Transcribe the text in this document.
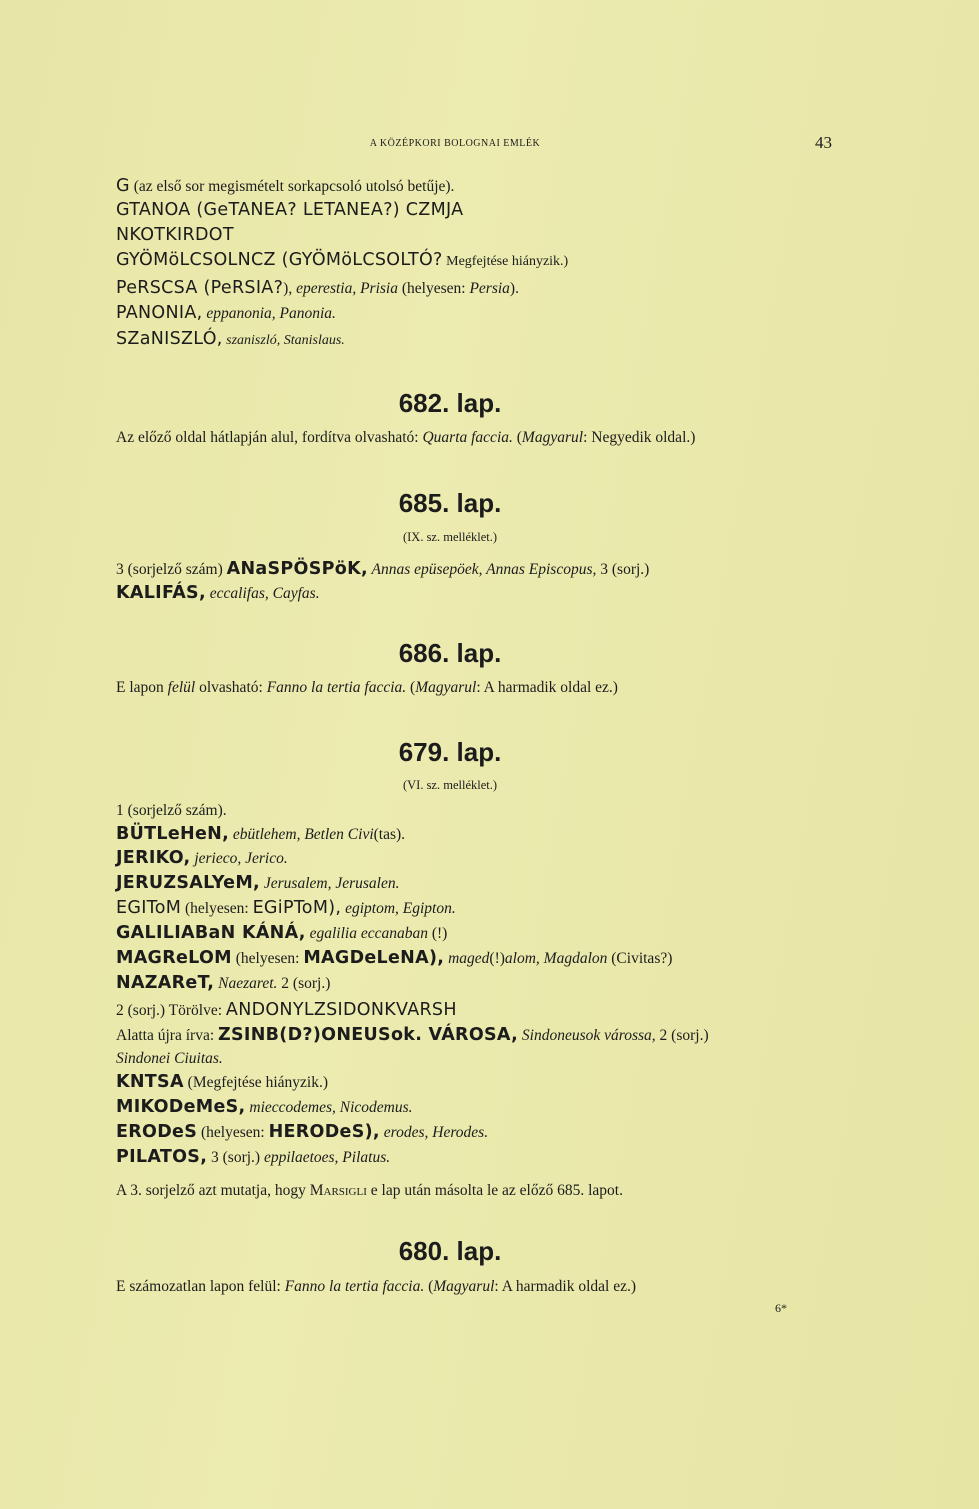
A KÖZÉPKORI BOLOGNAI EMLÉK	43
G (az első sor megismételt sorkapcsoló utolsó betűje).
GTANOA (GeTANEA? LETANEA?) CZMJA
NKOTKIRDOT
GYÖMöLCSOLNCZ (GYÖMöLCSOLTÓ? Megfejtése hiányzik.)
PeRSCSA (PeRSIA?), eperestia, Prisia (helyesen: Persia).
PANONIA, eppanonia, Panonia.
SZaNISZLÓ, szaniszló, Stanislaus.
682. lap.
Az előző oldal hátlapján alul, fordítva olvasható: Quarta faccia. (Magyarul: Negyedik oldal.)
685. lap.
(IX. sz. melléklet.)
3 (sorjelző szám) ANaSPÖSPöK, Annas epüsepöek, Annas Episcopus, 3 (sorj.)
KALIFÁS, eccalifas, Cayfas.
686. lap.
E lapon felül olvasható: Fanno la tertia faccia. (Magyarul: A harmadik oldal ez.)
679. lap.
(VI. sz. melléklet.)
1 (sorjelző szám).
BÜTLeHeN, ebütlehem, Betlen Civi(tas).
JERIKO, jerieco, Jerico.
JERUZSALYeM, Jerusalem, Jerusalen.
EGIToM (helyesen: EGiPToM), egiptom, Egipton.
GALILIABaN KÁNÁ, egalilia eccanaban (!)
MAGReLOM (helyesen: MAGDeLeNA), maged(!)alom, Magdalon (Civitas?)
NAZAReT, Naezaret. 2 (sorj.)
2 (sorj.) Törölve: ANDONYLZSIDONKVARSH
Alatta újra írva: ZSINB(D?)ONEUSok. VÁROSA, Sindoneusok várossa, 2 (sorj.)
Sindonei Ciuitas.
KNTSA (Megfejtése hiányzik.)
MIKODeMeS, mieccodemes, Nicodemus.
ERODeS (helyesen: HERODeS), erodes, Herodes.
PILATOS, 3 (sorj.) eppilaetoes, Pilatus.
A 3. sorjelző azt mutatja, hogy Marsigli e lap után másolta le az előző 685. lapot.
680. lap.
E számozatlan lapon felül: Fanno la tertia faccia. (Magyarul: A harmadik oldal ez.)
6*
